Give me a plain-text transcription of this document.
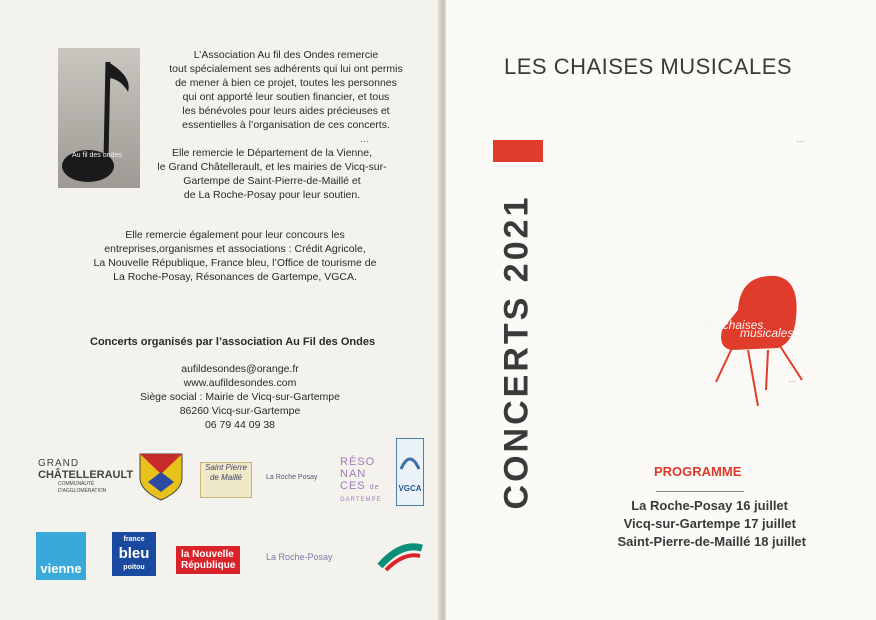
Au fil des ondes
L’Association Au fil des Ondes remercie
tout spécialement ses adhérents qui lui ont permis
de mener à bien ce projet, toutes les personnes
qui ont apporté leur soutien financier, et tous
les bénévoles pour leurs aides précieuses et
essentielles à l’organisation de ces concerts.
...
Elle remercie le Département de la Vienne,
le Grand Châtellerault, et les mairies de Vicq-sur-
Gartempe de Saint-Pierre-de-Maillé et
de La Roche-Posay pour leur soutien.
Elle remercie également pour leur concours les
entreprises,organismes et associations : Crédit Agricole,
La Nouvelle République, France bleu, l’Office de tourisme de
La Roche-Posay, Résonances de Gartempe, VGCA.
Concerts organisés par l’association Au Fil des Ondes
aufildesondes@orange.fr
www.aufildesondes.com
Siège social : Mairie de Vicq-sur-Gartempe
86260 Vicq-sur-Gartempe
06 79 44 09 38
GRAND
CHÂTELLERAULT
COMMUNAUTÉ D'AGGLOMÉRATION
Saint Pierre de Maillé	La Roche Posay
RÉSO
NAN
CES de
GARTEMPE
VGCA
vienne
france
bleu
poitou
la Nouvelle
République
La Roche-Posay
LES CHAISES MUSICALES
...
CONCERTS 2021	les chaises
musicales
...
PROGRAMME
La Roche-Posay 16 juillet
Vicq-sur-Gartempe 17 juillet
Saint-Pierre-de-Maillé 18 juillet
